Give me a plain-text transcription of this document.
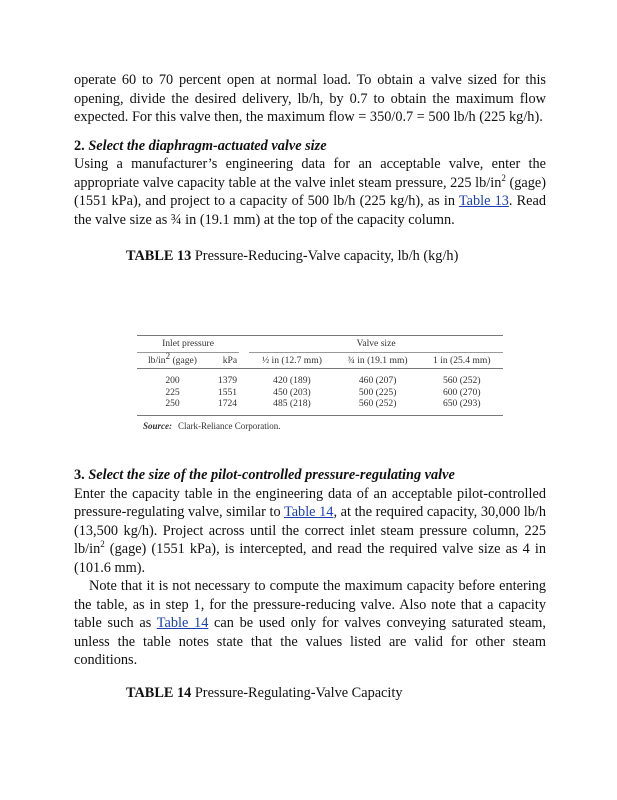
operate 60 to 70 percent open at normal load. To obtain a valve sized for this opening, divide the desired delivery, lb/h, by 0.7 to obtain the maximum flow expected. For this valve then, the maximum flow = 350/0.7 = 500 lb/h (225 kg/h).

2. Select the diaphragm-actuated valve size

Using a manufacturer’s engineering data for an acceptable valve, enter the appropriate valve capacity table at the valve inlet steam pressure, 225 $lb/in^2$ (gage) (1551 kPa), and project to a capacity of 500 lb/h (225 kg/h), as in Table 13. Read the valve size as ¾ in (19.1 mm) at the top of the capacity column.

TABLE 13 Pressure-Reducing-Valve capacity, lb/h (kg/h)
Inlet pressure			Valve size		
$lb/in^2$ (gage)	kPa		½ in (12.7 mm)	¾ in (19.1 mm)	1 in (25.4 mm)
200	1379		420 (189)	460 (207)	560 (252)
225	1551		450 (203)	500 (225)	600 (270)
250	1724		485 (218)	560 (252)	650 (293)
Source: Clark-Reliance Corporation.
3. Select the size of the pilot-controlled pressure-regulating valve

Enter the capacity table in the engineering data of an acceptable pilot-controlled pressure-regulating valve, similar to Table 14, at the required capacity, 30,000 lb/h (13,500 kg/h). Project across until the correct inlet steam pressure column, 225 $lb/in^2$ (gage) (1551 kPa), is intercepted, and read the required valve size as 4 in (101.6 mm).

Note that it is not necessary to compute the maximum capacity before entering the table, as in step 1, for the pressure-reducing valve. Also note that a capacity table such as Table 14 can be used only for valves conveying saturated steam, unless the table notes state that the values listed are valid for other steam conditions.

TABLE 14 Pressure-Regulating-Valve Capacity
